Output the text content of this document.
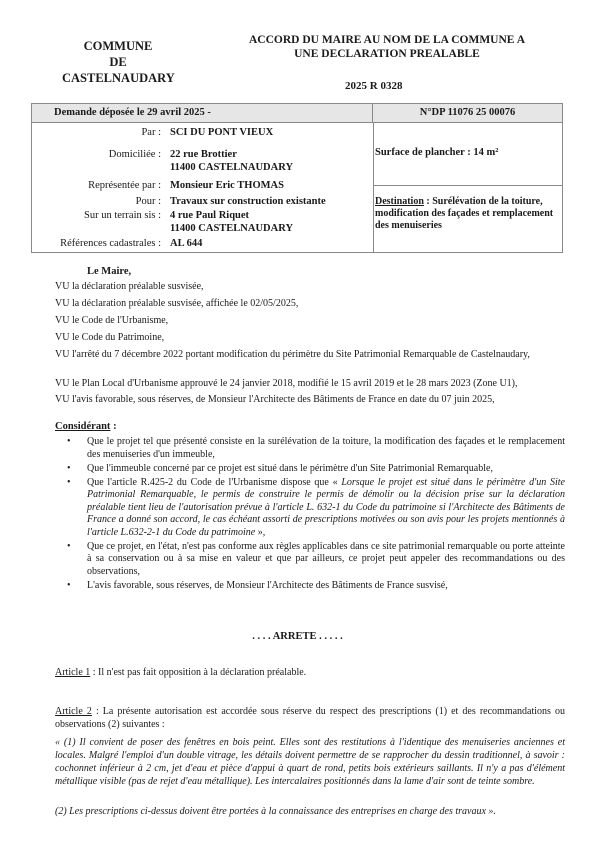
COMMUNE
DE
CASTELNAUDARY
ACCORD DU MAIRE AU NOM DE LA COMMUNE A
UNE DECLARATION PREALABLE
2025 R 0328
Demande déposée le 29 avril 2025 -	N°DP 11076 25 00076
Par : SCI DU PONT VIEUX
Domiciliée : 22 rue Brottier
11400 CASTELNAUDARY
Représentée par : Monsieur Eric THOMAS
Pour : Travaux sur construction existante
Sur un terrain sis : 4 rue Paul Riquet
11400 CASTELNAUDARY
Références cadastrales : AL 644
Surface de plancher : 14 m²
Destination : Surélévation de la toiture, modification des façades et remplacement des menuiseries
Le Maire,
VU la déclaration préalable susvisée,
VU la déclaration préalable susvisée, affichée le 02/05/2025,
VU le Code de l'Urbanisme,
VU le Code du Patrimoine,
VU l'arrêté du 7 décembre 2022 portant modification du périmètre du Site Patrimonial Remarquable de Castelnaudary,
VU le Plan Local d'Urbanisme approuvé le 24 janvier 2018, modifié le 15 avril 2019 et le 28 mars 2023 (Zone U1),
VU l'avis favorable, sous réserves, de Monsieur l'Architecte des Bâtiments de France en date du 07 juin 2025,
Considérant :
• Que le projet tel que présenté consiste en la surélévation de la toiture, la modification des façades et le remplacement des menuiseries d'un immeuble,
• Que l'immeuble concerné par ce projet est situé dans le périmètre d'un Site Patrimonial Remarquable,
• Que l'article R.425-2 du Code de l'Urbanisme dispose que « Lorsque le projet est situé dans le périmètre d'un Site Patrimonial Remarquable, le permis de construire le permis de démolir ou la décision prise sur la déclaration préalable tient lieu de l'autorisation prévue à l'article L. 632-1 du Code du patrimoine si l'Architecte des Bâtiments de France a donné son accord, le cas échéant assorti de prescriptions motivées ou son avis pour les projets mentionnés à l'article L.632-2-1 du Code du patrimoine »,
• Que ce projet, en l'état, n'est pas conforme aux règles applicables dans ce site patrimonial remarquable ou porte atteinte à sa conservation ou à sa mise en valeur et que par ailleurs, ce projet peut appeler des recommandations ou des observations,
• L'avis favorable, sous réserves, de Monsieur l'Architecte des Bâtiments de France susvisé,
. . . . ARRETE . . . . .
Article 1 : Il n'est pas fait opposition à la déclaration préalable.
Article 2 : La présente autorisation est accordée sous réserve du respect des prescriptions (1) et des recommandations ou observations (2) suivantes :
« (1) Il convient de poser des fenêtres en bois peint. Elles sont des restitutions à l'identique des menuiseries anciennes et locales. Malgré l'emploi d'un double vitrage, les détails doivent permettre de se rapprocher du dessin traditionnel, à savoir : cochonnet inférieur à 2 cm, jet d'eau et pièce d'appui à quart de rond, petits bois extérieurs saillants. Il n'y a pas d'élément métallique visible (pas de rejet d'eau métallique). Les intercalaires positionnés dans la lame d'air sont de teinte sombre.
(2) Les prescriptions ci-dessus doivent être portées à la connaissance des entreprises en charge des travaux ».
